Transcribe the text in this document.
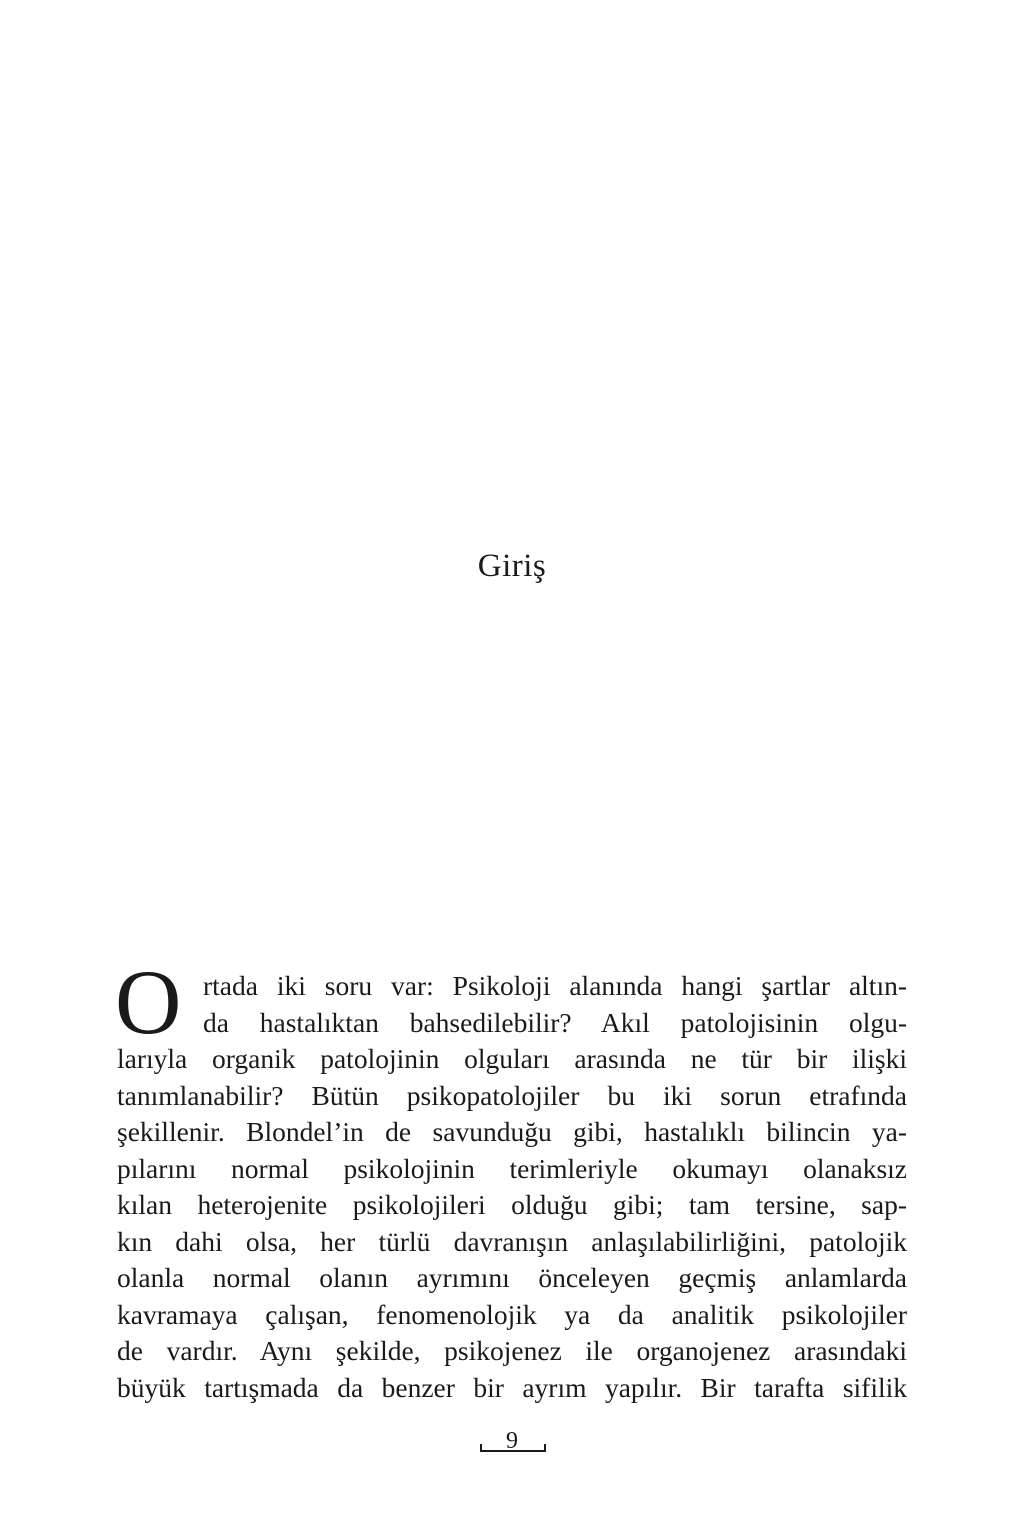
Giriş
O rtada iki soru var: Psikoloji alanında hangi şartlar altın-
da hastalıktan bahsedilebilir? Akıl patolojisinin olgu-
larıyla organik patolojinin olguları arasında ne tür bir ilişki
tanımlanabilir? Bütün psikopatolojiler bu iki sorun etrafında
şekillenir. Blondel’in de savunduğu gibi, hastalıklı bilincin ya-
pılarını normal psikolojinin terimleriyle okumayı olanaksız
kılan heterojenite psikolojileri olduğu gibi; tam tersine, sap-
kın dahi olsa, her türlü davranışın anlaşılabilirliğini, patolojik
olanla normal olanın ayrımını önceleyen geçmiş anlamlarda
kavramaya çalışan, fenomenolojik ya da analitik psikolojiler
de vardır. Aynı şekilde, psikojenez ile organojenez arasındaki
büyük tartışmada da benzer bir ayrım yapılır. Bir tarafta sifilik
9
